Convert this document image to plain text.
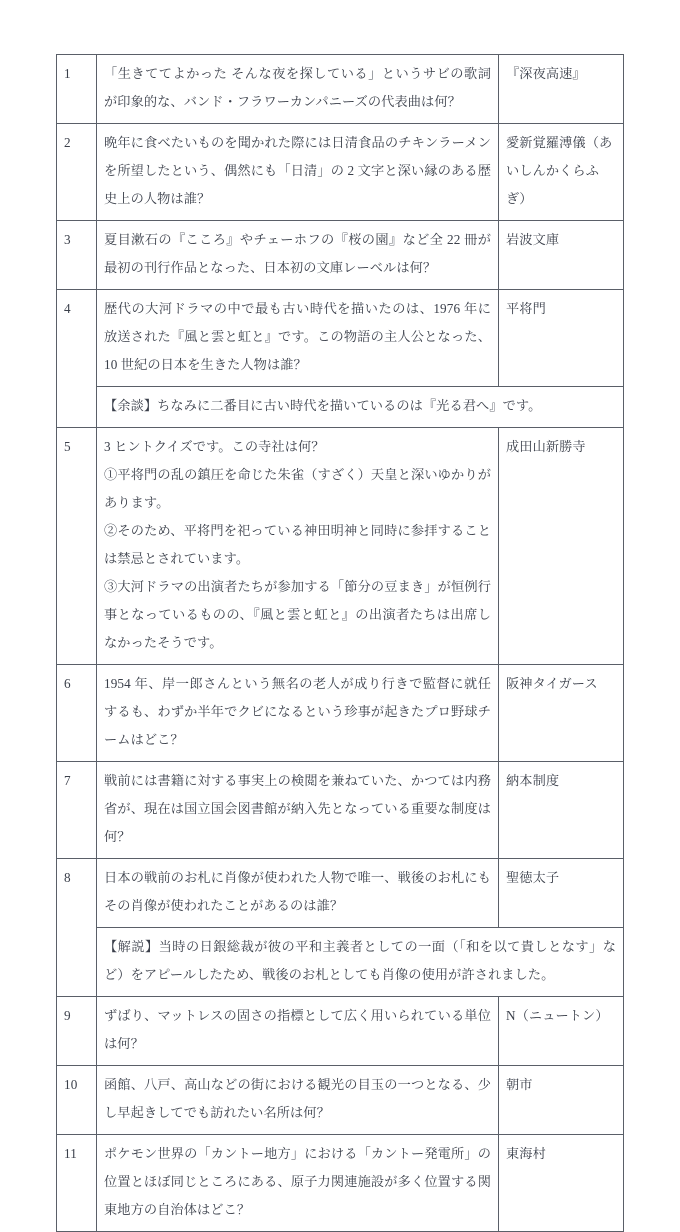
1	「生きててよかった そんな夜を探している」というサビの歌詞が印象的な、バンド・フラワーカンパニーズの代表曲は何？	『深夜高速』
2	晩年に食べたいものを聞かれた際には日清食品のチキンラーメンを所望したという、偶然にも「日清」の 2 文字と深い縁のある歴史上の人物は誰？	愛新覚羅溥儀（あいしんかくらふぎ）
3	夏目漱石の『こころ』やチェーホフの『桜の園』など全 22 冊が最初の刊行作品となった、日本初の文庫レーベルは何？	岩波文庫
4	歴代の大河ドラマの中で最も古い時代を描いたのは、1976 年に放送された『風と雲と虹と』です。この物語の主人公となった、10 世紀の日本を生きた人物は誰？	平将門
	【余談】ちなみに二番目に古い時代を描いているのは『光る君へ』です。	
5	3 ヒントクイズです。この寺社は何？
①平将門の乱の鎮圧を命じた朱雀（すざく）天皇と深いゆかりがあります。
②そのため、平将門を祀っている神田明神と同時に参拝することは禁忌とされています。
③大河ドラマの出演者たちが参加する「節分の豆まき」が恒例行事となっているものの、『風と雲と虹と』の出演者たちは出席しなかったそうです。	成田山新勝寺
6	1954 年、岸一郎さんという無名の老人が成り行きで監督に就任するも、わずか半年でクビになるという珍事が起きたプロ野球チームはどこ？	阪神タイガース
7	戦前には書籍に対する事実上の検閲を兼ねていた、かつては内務省が、現在は国立国会図書館が納入先となっている重要な制度は何？	納本制度
8	日本の戦前のお札に肖像が使われた人物で唯一、戦後のお札にもその肖像が使われたことがあるのは誰？	聖徳太子
	【解説】当時の日銀総裁が彼の平和主義者としての一面（「和を以て貴しとなす」など）をアピールしたため、戦後のお札としても肖像の使用が許されました。	
9	ずばり、マットレスの固さの指標として広く用いられている単位は何？	N（ニュートン）
10	函館、八戸、高山などの街における観光の目玉の一つとなる、少し早起きしてでも訪れたい名所は何？	朝市
11	ポケモン世界の「カントー地方」における「カントー発電所」の位置とほぼ同じところにある、原子力関連施設が多く位置する関東地方の自治体はどこ？	東海村
